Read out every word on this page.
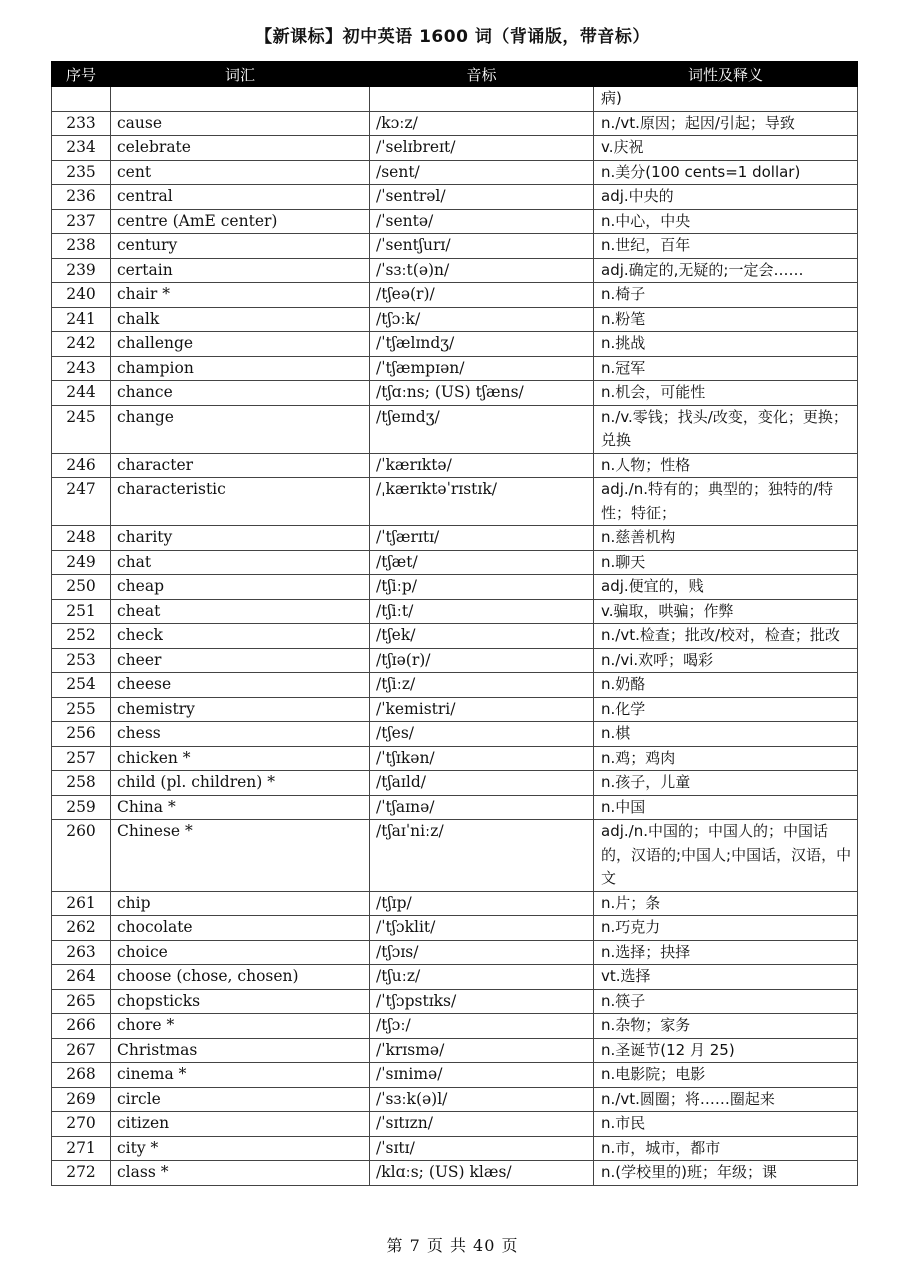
【新课标】初中英语 1600 词（背诵版，带音标）
序号	词汇	音标	词性及释义
			病)
233	cause	/kɔːz/	n./vt.原因；起因/引起；导致
234	celebrate	/ˈselɪbreɪt/	v.庆祝
235	cent	/sent/	n.美分(100 cents=1 dollar)
236	central	/ˈsentrəl/	adj.中央的
237	centre (AmE center)	/ˈsentə/	n.中心，中央
238	century	/ˈsentʃurɪ/	n.世纪，百年
239	certain	/ˈsɜːt(ə)n/	adj.确定的,无疑的;一定会……
240	chair *	/tʃeə(r)/	n.椅子
241	chalk	/tʃɔːk/	n.粉笔
242	challenge	/ˈtʃælɪndʒ/	n.挑战
243	champion	/ˈtʃæmpɪən/	n.冠军
244	chance	/tʃɑːns; (US) tʃæns/	n.机会，可能性
245	change	/tʃeɪndʒ/	n./v.零钱；找头/改变，变化；更换；兑换
246	character	/ˈkærɪktə/	n.人物；性格
247	characteristic	/ˌkærɪktəˈrɪstɪk/	adj./n.特有的；典型的；独特的/特性；特征；
248	charity	/ˈtʃærɪtɪ/	n.慈善机构
249	chat	/tʃæt/	n.聊天
250	cheap	/tʃiːp/	adj.便宜的，贱
251	cheat	/tʃiːt/	v.骗取，哄骗；作弊
252	check	/tʃek/	n./vt.检查；批改/校对，检查；批改
253	cheer	/tʃɪə(r)/	n./vi.欢呼；喝彩
254	cheese	/tʃiːz/	n.奶酪
255	chemistry	/ˈkemistri/	n.化学
256	chess	/tʃes/	n.棋
257	chicken *	/ˈtʃɪkən/	n.鸡；鸡肉
258	child (pl. children) *	/tʃaɪld/	n.孩子，儿童
259	China *	/ˈtʃaɪnə/	n.中国
260	Chinese *	/tʃaɪˈniːz/	adj./n.中国的；中国人的；中国话的，汉语的;中国人;中国话，汉语，中文
261	chip	/tʃɪp/	n.片；条
262	chocolate	/ˈtʃɔklit/	n.巧克力
263	choice	/tʃɔɪs/	n.选择；抉择
264	choose (chose, chosen)	/tʃuːz/	vt.选择
265	chopsticks	/ˈtʃɔpstɪks/	n.筷子
266	chore *	/tʃɔː/	n.杂物；家务
267	Christmas	/ˈkrɪsmə/	n.圣诞节(12 月 25)
268	cinema *	/ˈsɪnimə/	n.电影院；电影
269	circle	/ˈsɜːk(ə)l/	n./vt.圆圈；将……圈起来
270	citizen	/ˈsɪtɪzn/	n.市民
271	city *	/ˈsɪtɪ/	n.市，城市，都市
272	class *	/klɑːs; (US) klæs/	n.(学校里的)班；年级；课
第 7 页 共 40 页
